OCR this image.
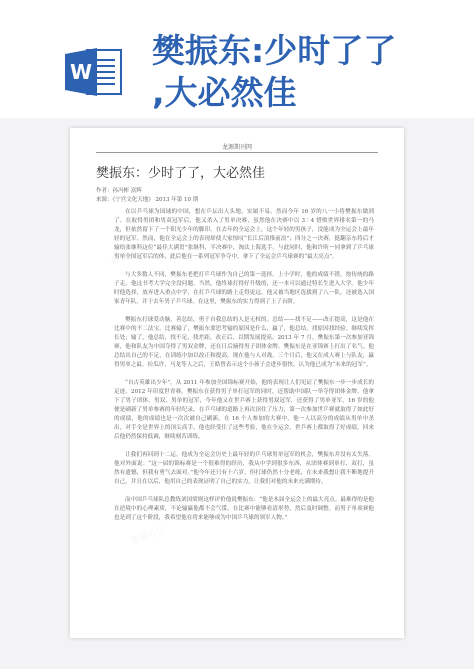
W
樊振东:少时了了
,大必然佳
熊猫办公
熊猫办公
熊猫办公
龙源期刊网
樊振东：少时了了，大必然佳
作者：孙冯彬 富辉
来源：《宁宫文化天地》 2013 年第 10 期

在以乒乓球为国球的中国，想在乒坛出人头地，实属不易。然而今年 16 岁的八一小将樊振东做到了。在取得男团和男双冠军后，他又杀入了男单决赛，虽然他在决赛中以 3∶4 惜败世界排名第一的马龙，但依然留下了一个阳光少年的脚印。在去年的全运会上，这个年轻的男孩子，没能成为全运会上最年轻的冠军。然而，他在全运会上的表现却使大家惊叹“长江后浪推前浪”；四分之一决赛，挺翻亲东将后才输给张继科这位“最佳大满贯”张继科，半决赛中，淘汰上海选手。与此同时，他和许昕一同拿到了乒乓球男单全国冠军后的体，此后他在一系列冠军争夺中，拿下了全运会乒乓球赛的“最大亮点”。

与大多数人不同，樊振东老把打乒乓球作为自己的第一选择。上小学时，他的成绩不错，按传统的路子走，他这书考大学完全没问题。当然，他终球打得好升级的，还一本可以通过特长生进入大学。他少年时他选择，放弃进入重点中学，在打乒乓球的路上走得更远。他又被当地区选拔到了八一队，还被选入国家青年队。并于去年男子乒乓球。在这里，樊振东的实力得到了上了台阶。

樊振东打球爱动脑，善总结，勇于自我总结的人是无权的。总结——找不足——改正提高，这是他在比赛中的不二法宝。比赛输了，樊振东要思考输的原因是什么，赢了，他总结，找原因找经验。继续发挥长处；输了，他总结，找不足，找差距，改正后，以期发展提高。2013 年 7 月，樊振东第一次参加亚锦赛，他和队友为中国夺得了男双金牌，还在日后摘得男子团体金牌。樊振东是在亚锦赛上打出了名气。他总结出自己的不足，在训练中加以改正和提高，现在他与人对战，三个月后，他又在成人赛上与队友，赢得男单之最。拉瓜许，马龙等人之后，王皓曾表示这个小孩子会进步很快，认为他已成为“未来的冠军”。

“自古英雄出少年”。从 2011 年参加全国锦标赛开始，他的表现让人们见证了樊振东一步一步成长的足迹。2012 年印度世青赛，樊振东在获得男子单打冠军的同时，还帮助中国队一举夺得团体金牌。他拿下了男子团体、男双、男单的冠军，今年他又在世乒赛上获得男双冠军，还获得了男单亚军，16 岁的他便是刷新了男单参赛的年轻纪录。在乒乓球的道路上再次顶住了压力，第一次参加世乒赛就取得了如此好的成绩，他的成绩也是一次次被自己刷新。在 16 个人参加的大赛中，他一人以高分的成绩从男单中杀出，对手全是世界上的顶尖高手，他也经受住了这些考验，他在全运会、世乒赛上都取得了好成绩，回来后他仍然保持低调，继续刻苦训练。

让我们再回到十二运。他成为全运会历史上最年轻的乒乓球男单冠军的机会，樊振东并没有太失落，他对外面说：“这一届的锦标赛是一个很难得的经历，我从中学到很多东西，从团体赛到单打、双打，虽然有遗憾，但我有勇气去面对。”他今年还只有十六岁，但打球仍然十分老练，在未来我想让我不断地提升自己，并且在以后，他用自己的表现证明了自己的实力，让我们对他的未来充满期待。

而中国乒乓球队总教练刘国梁则这样评价他说樊振东：“他是本届全运会上的最大亮点。最难得的是他在逆境中的心理素质，不论输赢他都不会气馁，在比赛中能够看清形势，然后及时调整。而男子单项赛他也是到了这个阶段，我希望他在将来能够成为中国乒乓球的领军人物。”
